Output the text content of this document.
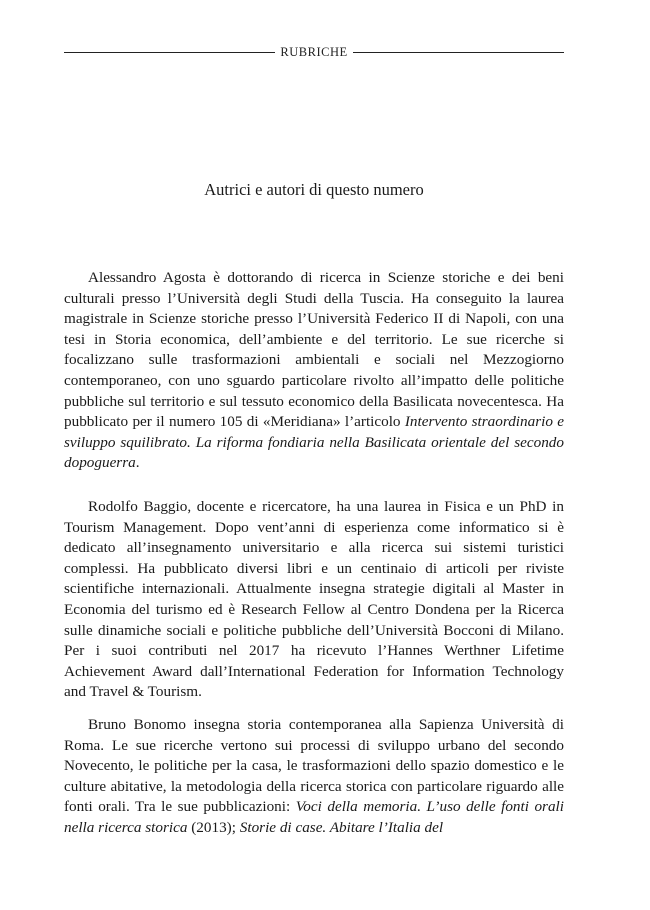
RUBRICHE
Autrici e autori di questo numero

Alessandro Agosta è dottorando di ricerca in Scienze storiche e dei beni culturali presso l’Università degli Studi della Tuscia. Ha conseguito la laurea magistrale in Scienze storiche presso l’Università Federico II di Napoli, con una tesi in Storia economica, dell’ambiente e del territorio. Le sue ricerche si focalizzano sulle trasformazioni ambientali e sociali nel Mezzogiorno contemporaneo, con uno sguardo particolare rivolto all’impatto delle politiche pubbliche sul territorio e sul tessuto economico della Basilicata novecentesca. Ha pubblicato per il numero 105 di «Meridiana» l’articolo Intervento straordinario e sviluppo squilibrato. La riforma fondiaria nella Basilicata orientale del secondo dopoguerra.

Rodolfo Baggio, docente e ricercatore, ha una laurea in Fisica e un PhD in Tourism Management. Dopo vent’anni di esperienza come informatico si è dedicato all’insegnamento universitario e alla ricerca sui sistemi turistici complessi. Ha pubblicato diversi libri e un centinaio di articoli per riviste scientifiche internazionali. Attualmente insegna strategie digitali al Master in Economia del turismo ed è Research Fellow al Centro Dondena per la Ricerca sulle dinamiche sociali e politiche pubbliche dell’Università Bocconi di Milano. Per i suoi contributi nel 2017 ha ricevuto l’Hannes Werthner Lifetime Achievement Award dall’International Federation for Information Technology and Travel & Tourism.

Bruno Bonomo insegna storia contemporanea alla Sapienza Università di Roma. Le sue ricerche vertono sui processi di sviluppo urbano del secondo Novecento, le politiche per la casa, le trasformazioni dello spazio domestico e le culture abitative, la metodologia della ricerca storica con particolare riguardo alle fonti orali. Tra le sue pubblicazioni: Voci della memoria. L’uso delle fonti orali nella ricerca storica (2013); Storie di case. Abitare l’Italia del
